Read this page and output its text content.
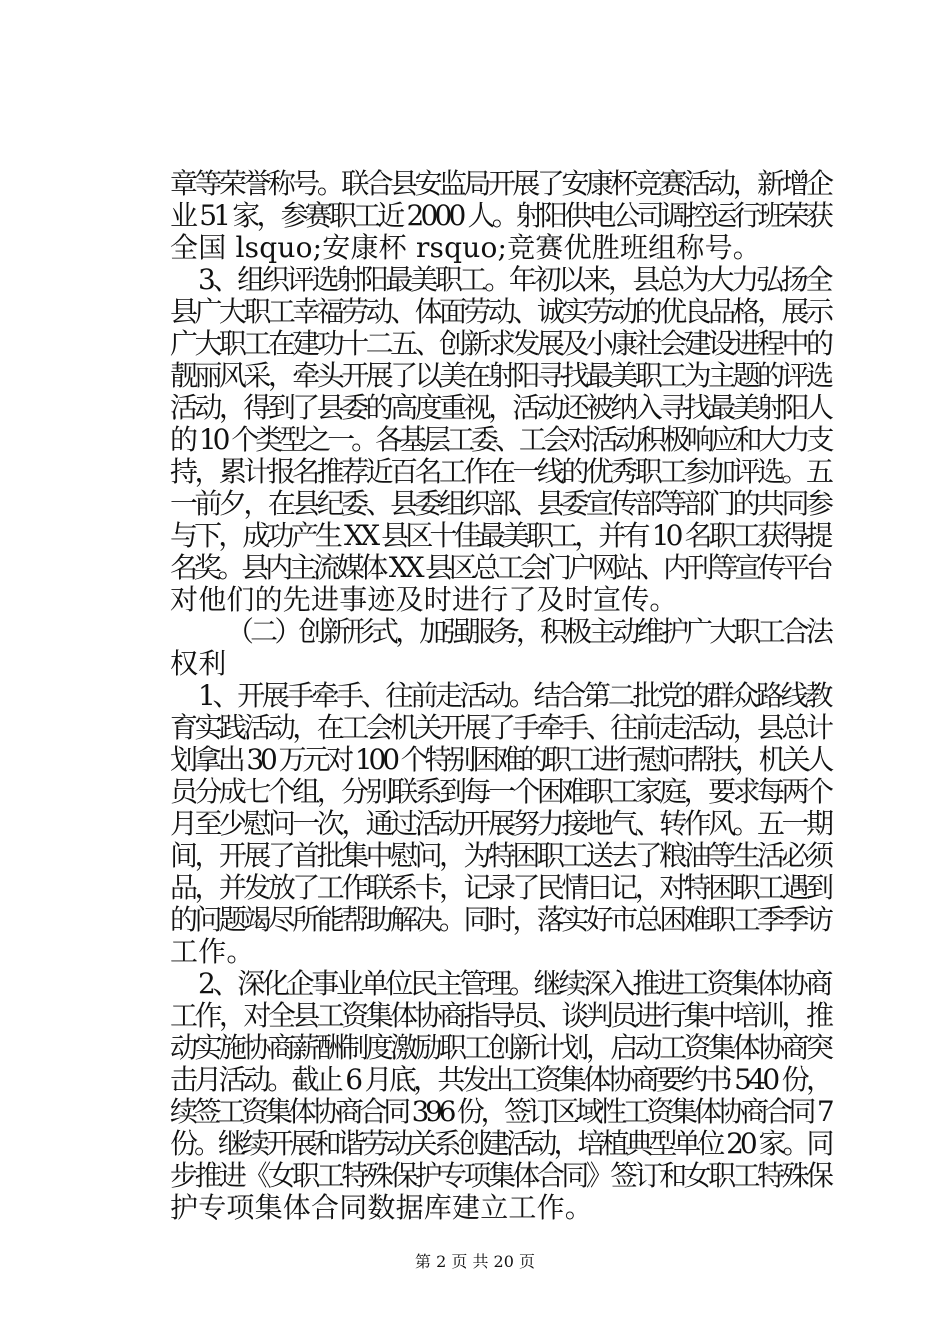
章等荣誉称号。联合县安监局开展了安康杯竞赛活动，新增企
业 51 家，参赛职工近 2000 人。射阳供电公司调控运行班荣获
全国 lsquo;安康杯 rsquo;竞赛优胜班组称号。
3、组织评选射阳最美职工。年初以来，县总为大力弘扬全
县广大职工幸福劳动、体面劳动、诚实劳动的优良品格，展示
广大职工在建功十二五、创新求发展及小康社会建设进程中的
靓丽风采，牵头开展了以美在射阳寻找最美职工为主题的评选
活动，得到了县委的高度重视，活动还被纳入寻找最美射阳人
的 10 个类型之一。各基层工委、工会对活动积极响应和大力支
持，累计报名推荐近百名工作在一线的优秀职工参加评选。五
一前夕，在县纪委、县委组织部、县委宣传部等部门的共同参
与下，成功产生 XX 县区十佳最美职工，并有 10 名职工获得提
名奖。县内主流媒体 XX 县区总工会门户网站、内刊等宣传平台
对他们的先进事迹及时进行了及时宣传。
（二）创新形式，加强服务，积极主动维护广大职工合法
权利
1、开展手牵手、往前走活动。结合第二批党的群众路线教
育实践活动，在工会机关开展了手牵手、往前走活动，县总计
划拿出 30 万元对 100 个特别困难的职工进行慰问帮扶，机关人
员分成七个组，分别联系到每一个困难职工家庭，要求每两个
月至少慰问一次，通过活动开展努力接地气、转作风。五一期
间，开展了首批集中慰问，为特困职工送去了粮油等生活必须
品，并发放了工作联系卡，记录了民情日记，对特困职工遇到
的问题竭尽所能帮助解决。同时，落实好市总困难职工季季访
工作。
2、深化企事业单位民主管理。继续深入推进工资集体协商
工作，对全县工资集体协商指导员、谈判员进行集中培训，推
动实施协商薪酬制度激励职工创新计划，启动工资集体协商突
击月活动。截止 6 月底，共发出工资集体协商要约书 540 份，
续签工资集体协商合同 396 份，签订区域性工资集体协商合同 7
份。继续开展和谐劳动关系创建活动，培植典型单位 20 家。同
步推进《女职工特殊保护专项集体合同》签订和女职工特殊保
护专项集体合同数据库建立工作。
第 2 页 共 20 页
